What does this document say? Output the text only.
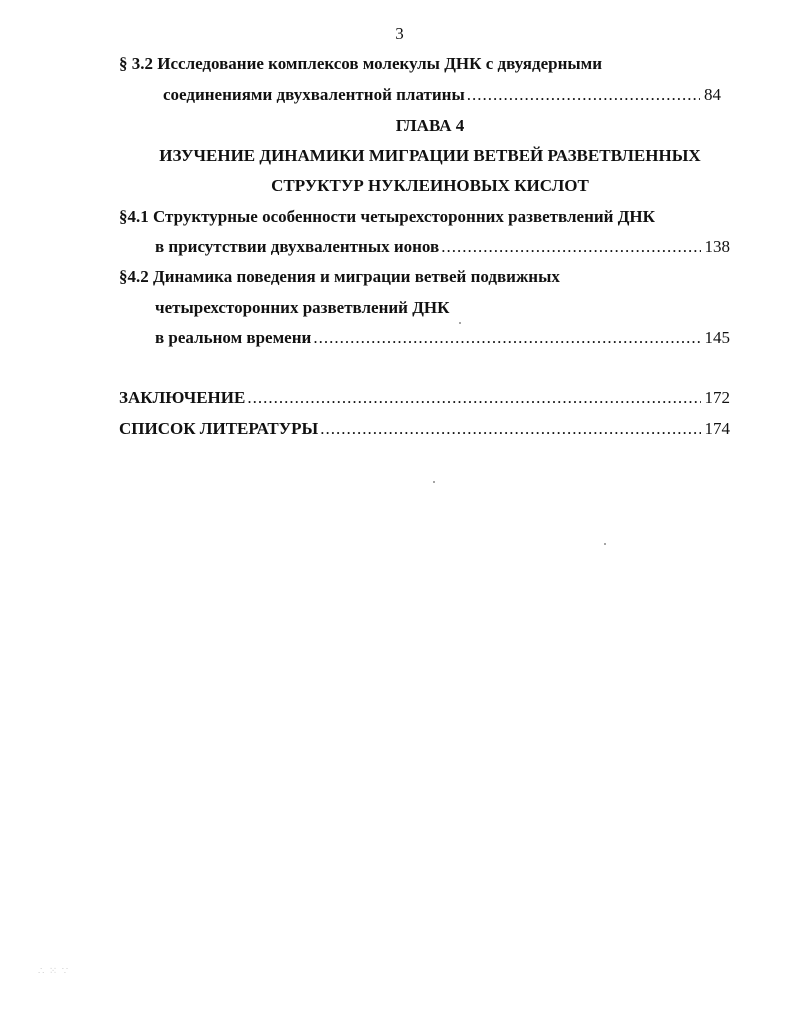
3
§ 3.2 Исследование комплексов молекулы ДНК с двуядерными
соединениями двухвалентной платины .....	84
ГЛАВА 4
ИЗУЧЕНИЕ ДИНАМИКИ МИГРАЦИИ ВЕТВЕЙ РАЗВЕТВЛЕННЫХ
СТРУКТУР НУКЛЕИНОВЫХ КИСЛОТ
§4.1 Структурные особенности четырехсторонних разветвлений ДНК
в присутствии двухвалентных ионов .....	138
§4.2 Динамика поведения и миграции ветвей подвижных
четырехсторонних разветвлений ДНК
в реальном времени .....	145
ЗАКЛЮЧЕНИЕ .....	172
СПИСОК ЛИТЕРАТУРЫ .....	174
∴ ⁙ ∵
